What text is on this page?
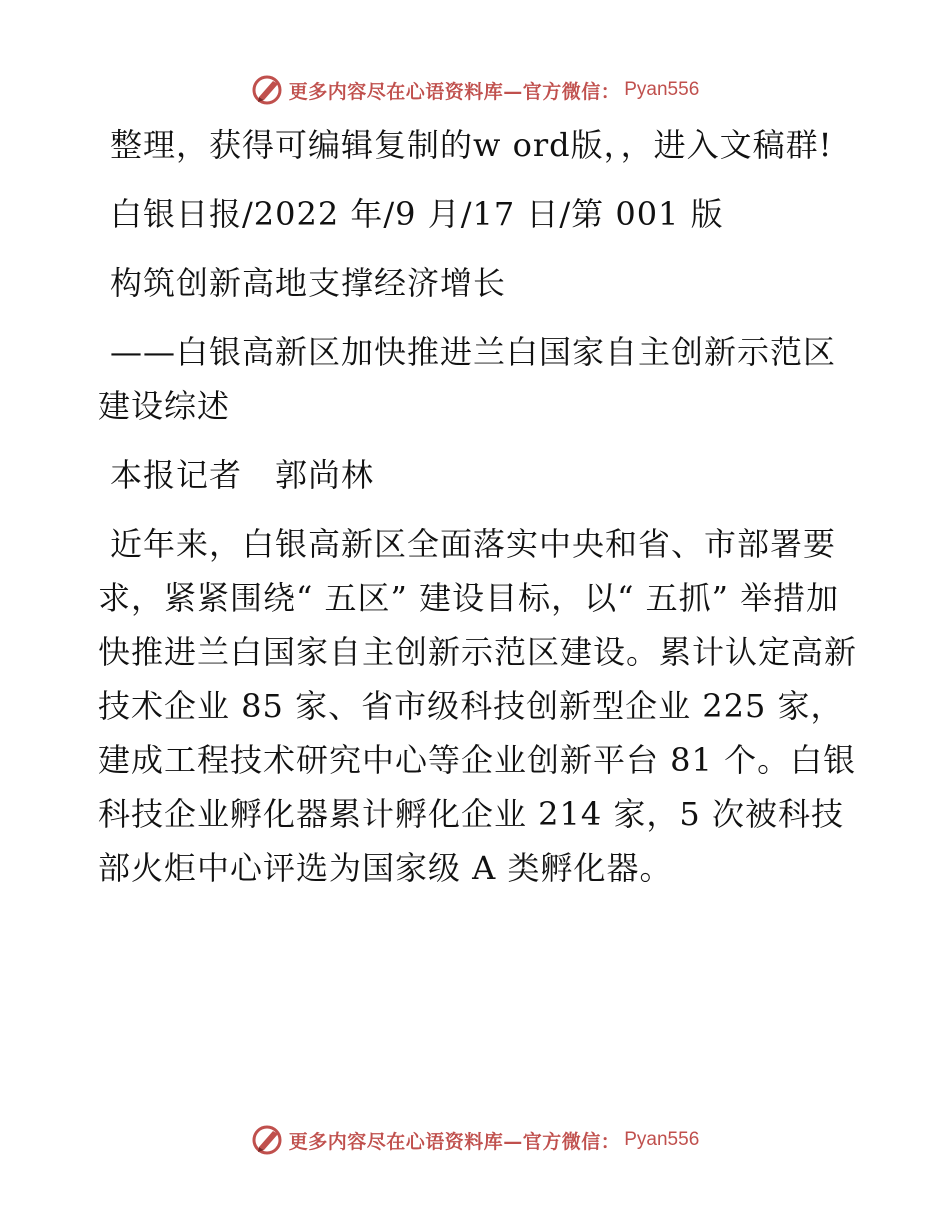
更多内容尽在心语资料库—官方微信： Pyan556

整理，获得可编辑复制的w ord版，，进入文稿群!

白银日报/2022 年/9 月/17 日/第 001 版

构筑创新高地支撑经济增长

——白银高新区加快推进兰白国家自主创新示范区建设综述

本报记者　郭尚林

近年来，白银高新区全面落实中央和省、市部署要求，紧紧围绕“ 五区” 建设目标，以“ 五抓” 举措加快推进兰白国家自主创新示范区建设。累计认定高新技术企业 85 家、省市级科技创新型企业 225 家，建成工程技术研究中心等企业创新平台 81 个。白银科技企业孵化器累计孵化企业 214 家，5 次被科技部火炬中心评选为国家级 A 类孵化器。

更多内容尽在心语资料库—官方微信： Pyan556
